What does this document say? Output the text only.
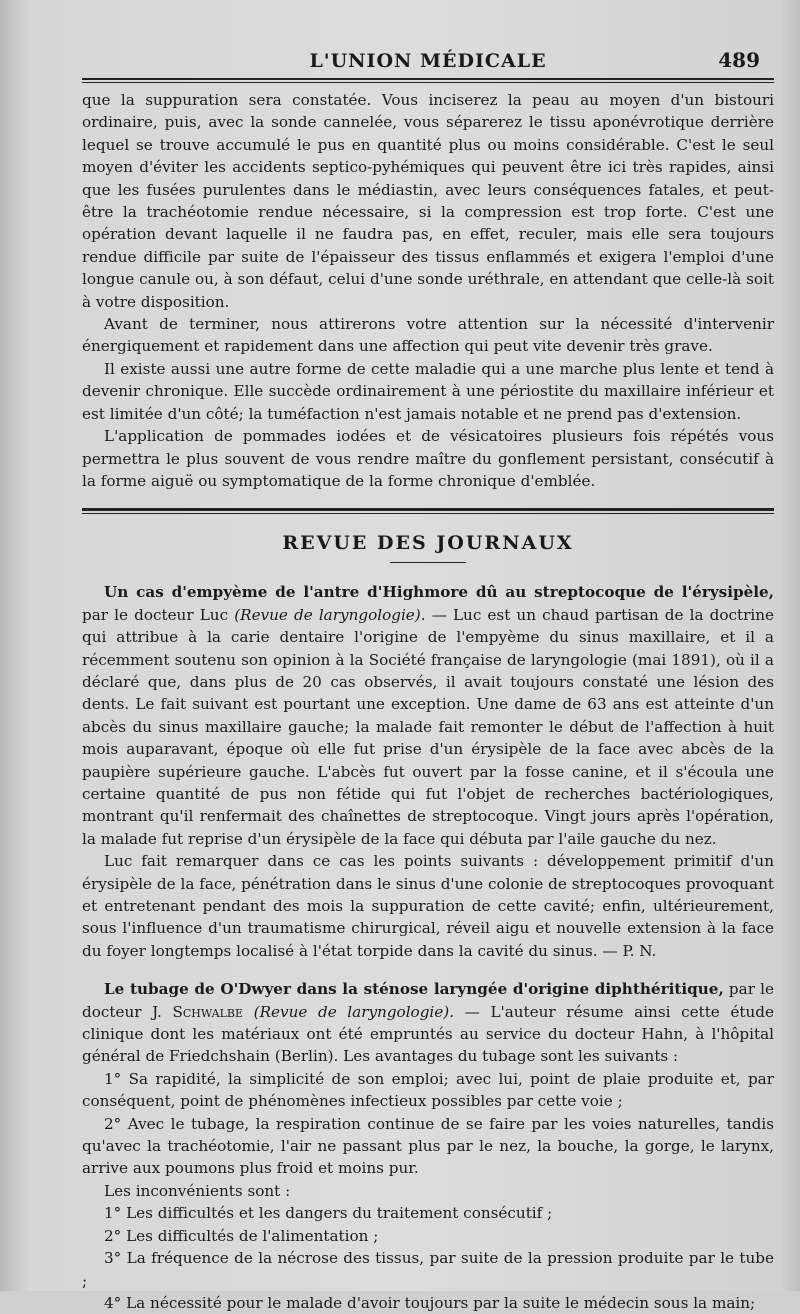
L'UNION MÉDICALE	489

que la suppuration sera constatée. Vous inciserez la peau au moyen d'un bistouri ordinaire, puis, avec la sonde cannelée, vous séparerez le tissu aponévrotique derrière lequel se trouve accumulé le pus en quantité plus ou moins considérable. C'est le seul moyen d'éviter les accidents septico-pyhémiques qui peuvent être ici très rapides, ainsi que les fusées purulentes dans le médiastin, avec leurs conséquences fatales, et peut-être la trachéotomie rendue nécessaire, si la compression est trop forte. C'est une opération devant laquelle il ne faudra pas, en effet, reculer, mais elle sera toujours rendue difficile par suite de l'épaisseur des tissus enflammés et exigera l'emploi d'une longue canule ou, à son défaut, celui d'une sonde uréthrale, en attendant que celle-là soit à votre disposition.

Avant de terminer, nous attirerons votre attention sur la nécessité d'intervenir énergiquement et rapidement dans une affection qui peut vite devenir très grave.

Il existe aussi une autre forme de cette maladie qui a une marche plus lente et tend à devenir chronique. Elle succède ordinairement à une périostite du maxillaire inférieur et est limitée d'un côté; la tuméfaction n'est jamais notable et ne prend pas d'extension.

L'application de pommades iodées et de vésicatoires plusieurs fois répétés vous permettra le plus souvent de vous rendre maître du gonflement persistant, consécutif à la forme aiguë ou symptomatique de la forme chronique d'emblée.

REVUE DES JOURNAUX

Un cas d'empyème de l'antre d'Highmore dû au streptocoque de l'érysipèle, par le docteur Luc (Revue de laryngologie). — Luc est un chaud partisan de la doctrine qui attribue à la carie dentaire l'origine de l'empyème du sinus maxillaire, et il a récemment soutenu son opinion à la Société française de laryngologie (mai 1891), où il a déclaré que, dans plus de 20 cas observés, il avait toujours constaté une lésion des dents. Le fait suivant est pourtant une exception. Une dame de 63 ans est atteinte d'un abcès du sinus maxillaire gauche; la malade fait remonter le début de l'affection à huit mois auparavant, époque où elle fut prise d'un érysipèle de la face avec abcès de la paupière supérieure gauche. L'abcès fut ouvert par la fosse canine, et il s'écoula une certaine quantité de pus non fétide qui fut l'objet de recherches bactériologiques, montrant qu'il renfermait des chaînettes de streptocoque. Vingt jours après l'opération, la malade fut reprise d'un érysipèle de la face qui débuta par l'aile gauche du nez.

Luc fait remarquer dans ce cas les points suivants : développement primitif d'un érysipèle de la face, pénétration dans le sinus d'une colonie de streptocoques provoquant et entretenant pendant des mois la suppuration de cette cavité; enfin, ultérieurement, sous l'influence d'un traumatisme chirurgical, réveil aigu et nouvelle extension à la face du foyer longtemps localisé à l'état torpide dans la cavité du sinus. — P. N.

Le tubage de O'Dwyer dans la sténose laryngée d'origine diphthéritique, par le docteur J. Schwalbe (Revue de laryngologie). — L'auteur résume ainsi cette étude clinique dont les matériaux ont été empruntés au service du docteur Hahn, à l'hôpital général de Friedchshain (Berlin). Les avantages du tubage sont les suivants :

1° Sa rapidité, la simplicité de son emploi; avec lui, point de plaie produite et, par conséquent, point de phénomènes infectieux possibles par cette voie ;
2° Avec le tubage, la respiration continue de se faire par les voies naturelles, tandis qu'avec la trachéotomie, l'air ne passant plus par le nez, la bouche, la gorge, le larynx, arrive aux poumons plus froid et moins pur.

Les inconvénients sont :

1° Les difficultés et les dangers du traitement consécutif ;
2° Les difficultés de l'alimentation ;
3° La fréquence de la nécrose des tissus, par suite de la pression produite par le tube ;
4° La nécessité pour le malade d'avoir toujours par la suite le médecin sous la main;
